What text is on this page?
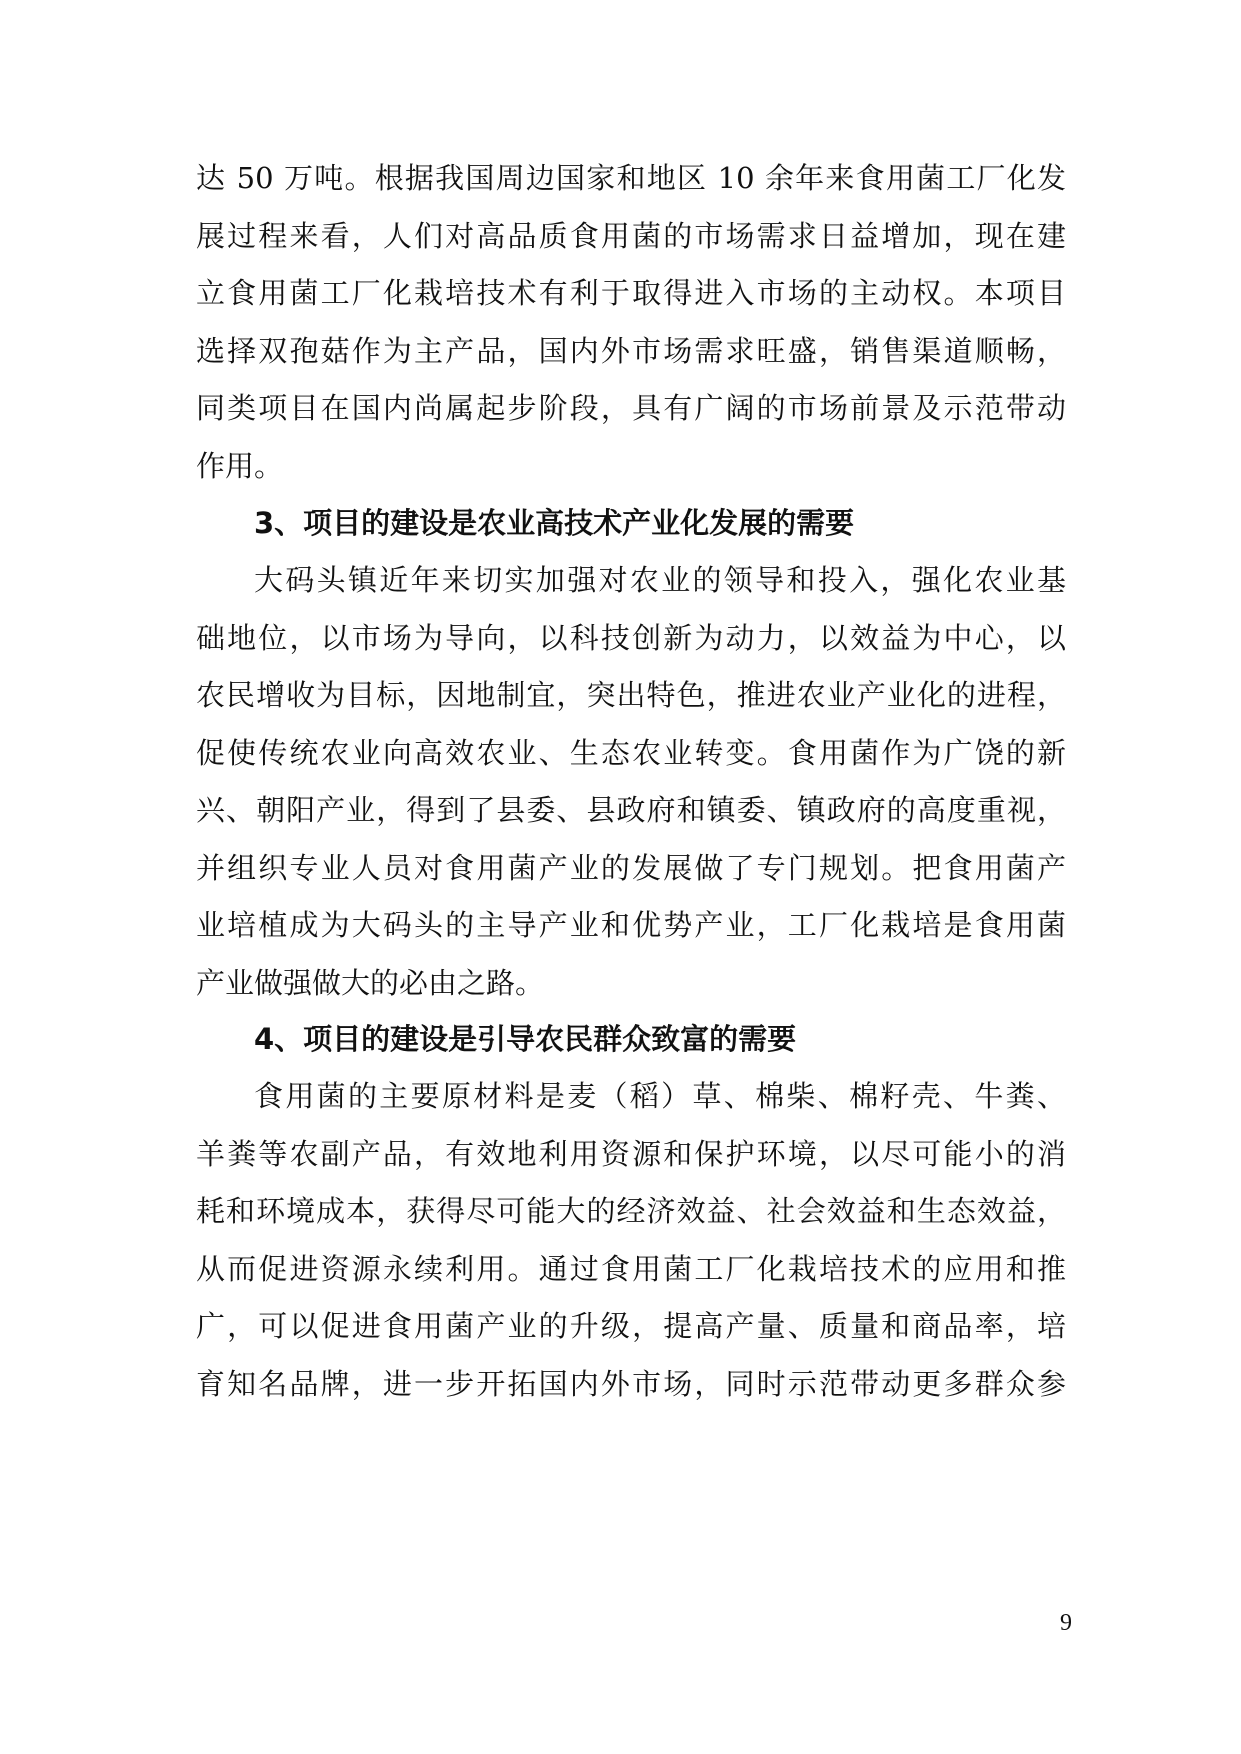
达 50 万吨。根据我国周边国家和地区 10 余年来食用菌工厂化发
展过程来看，人们对高品质食用菌的市场需求日益增加，现在建
立食用菌工厂化栽培技术有利于取得进入市场的主动权。本项目
选择双孢菇作为主产品，国内外市场需求旺盛，销售渠道顺畅，
同类项目在国内尚属起步阶段，具有广阔的市场前景及示范带动
作用。
3、项目的建设是农业高技术产业化发展的需要
大码头镇近年来切实加强对农业的领导和投入，强化农业基
础地位，以市场为导向，以科技创新为动力，以效益为中心，以
农民增收为目标，因地制宜，突出特色，推进农业产业化的进程，
促使传统农业向高效农业、生态农业转变。食用菌作为广饶的新
兴、朝阳产业，得到了县委、县政府和镇委、镇政府的高度重视，
并组织专业人员对食用菌产业的发展做了专门规划。把食用菌产
业培植成为大码头的主导产业和优势产业，工厂化栽培是食用菌
产业做强做大的必由之路。
4、项目的建设是引导农民群众致富的需要
食用菌的主要原材料是麦（稻）草、棉柴、棉籽壳、牛粪、
羊粪等农副产品，有效地利用资源和保护环境，以尽可能小的消
耗和环境成本，获得尽可能大的经济效益、社会效益和生态效益，
从而促进资源永续利用。通过食用菌工厂化栽培技术的应用和推
广，可以促进食用菌产业的升级，提高产量、质量和商品率，培
育知名品牌，进一步开拓国内外市场，同时示范带动更多群众参
9
